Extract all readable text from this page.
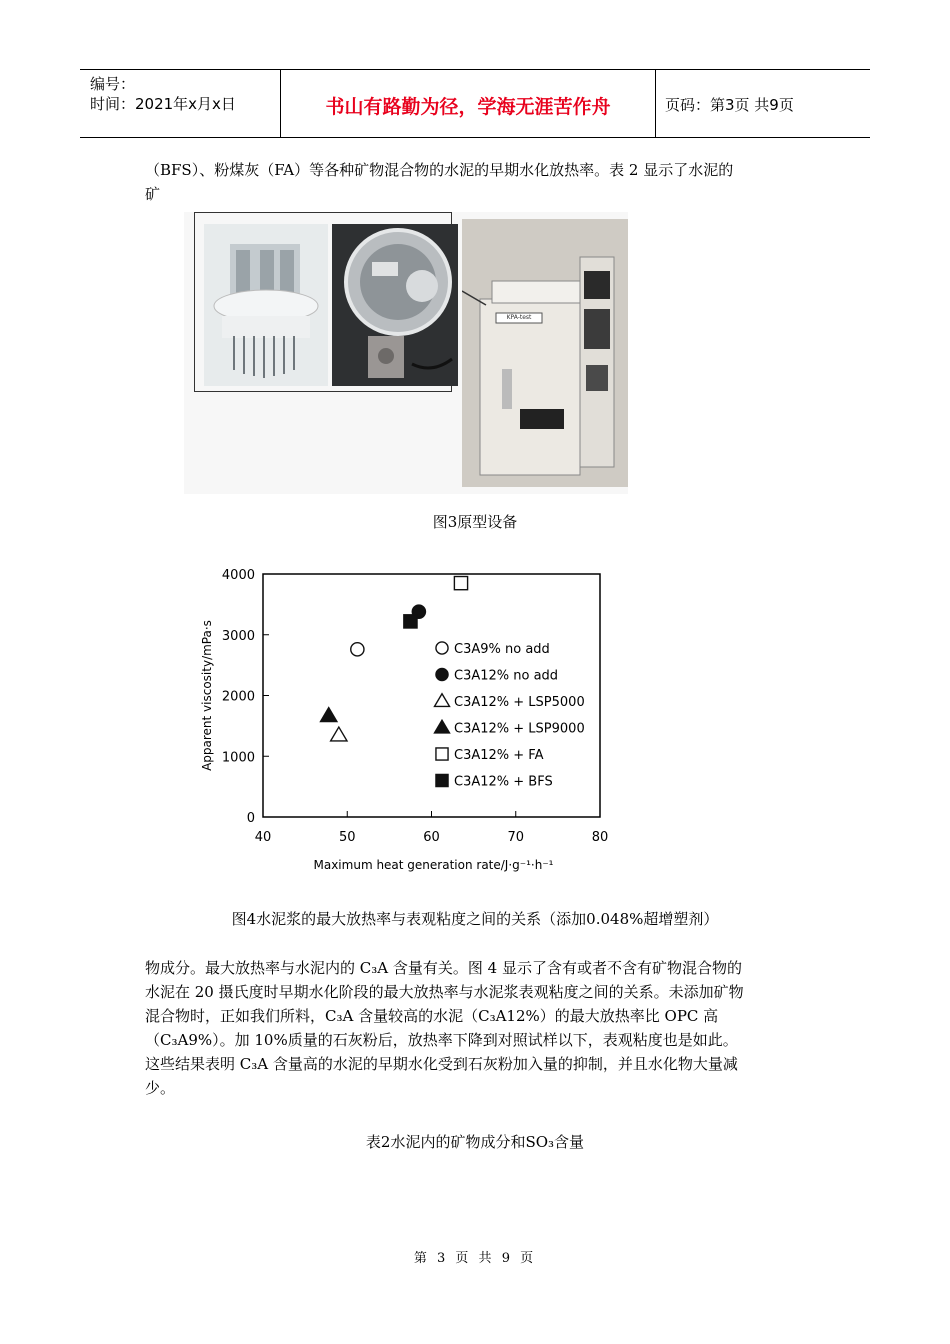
编号：
时间：2021年x月x日	书山有路勤为径，学海无涯苦作舟	页码：第3页 共9页
（BFS）、粉煤灰（FA）等各种矿物混合物的水泥的早期水化放热率。表 2 显示了水泥的
矿
KPA-test
图3原型设备
0
1000
2000
3000
4000
40	50	60	70	80
Maximum heat generation rate/J·g⁻¹·h⁻¹
Apparent viscosity/mPa·s	C3A9% no add
C3A12% no add
C3A12% + LSP5000
C3A12% + LSP9000
C3A12% + FA
C3A12% + BFS
图4水泥浆的最大放热率与表观粘度之间的关系（添加0.048%超增塑剂）
物成分。最大放热率与水泥内的 C₃A 含量有关。图 4 显示了含有或者不含有矿物混合物的
水泥在 20 摄氏度时早期水化阶段的最大放热率与水泥浆表观粘度之间的关系。未添加矿物
混合物时，正如我们所料，C₃A 含量较高的水泥（C₃A12%）的最大放热率比 OPC 高
（C₃A9%）。加 10%质量的石灰粉后，放热率下降到对照试样以下，表观粘度也是如此。
这些结果表明 C₃A 含量高的水泥的早期水化受到石灰粉加入量的抑制，并且水化物大量减
少。
表2水泥内的矿物成分和SO₃含量
第 3 页 共 9 页
